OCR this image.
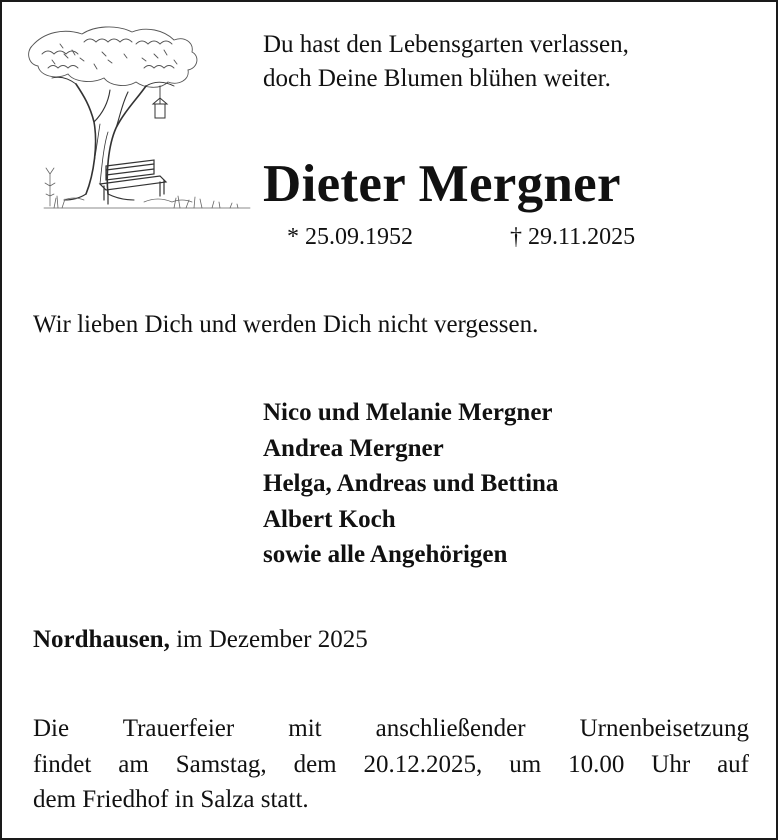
Du hast den Lebensgarten verlassen,
doch Deine Blumen blühen weiter.
Dieter Mergner
* 25.09.1952	† 29.11.2025
Wir lieben Dich und werden Dich nicht vergessen.
Nico und Melanie Mergner
Andrea Mergner
Helga, Andreas und Bettina
Albert Koch
sowie alle Angehörigen
Nordhausen, im Dezember 2025
Die Trauerfeier mit anschließender Urnenbeisetzung
findet am Samstag, dem 20.12.2025, um 10.00 Uhr auf
dem Friedhof in Salza statt.
